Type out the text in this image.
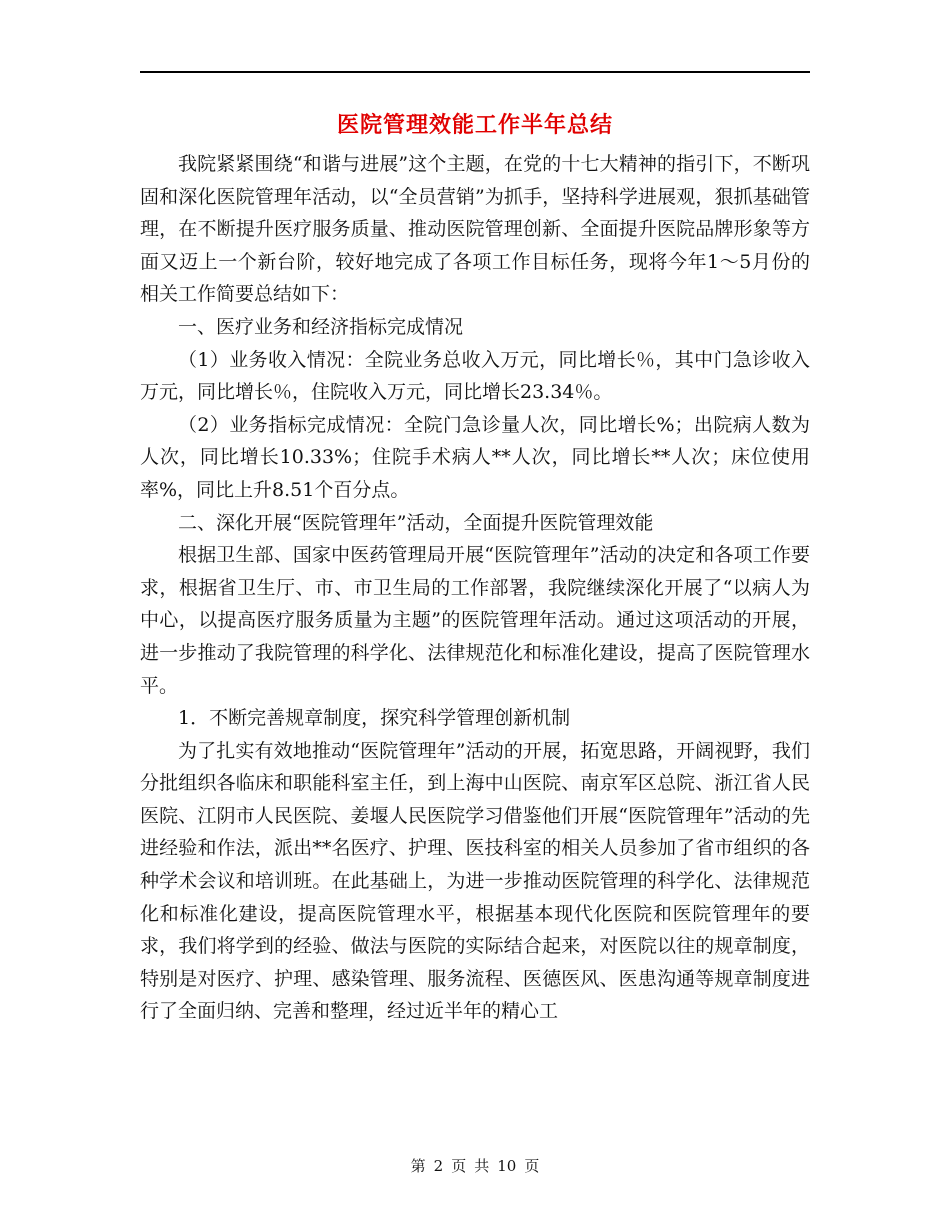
医院管理效能工作半年总结

我院紧紧围绕“和谐与进展”这个主题，在党的十七大精神的指引下，不断巩固和深化医院管理年活动，以“全员营销”为抓手，坚持科学进展观，狠抓基础管理，在不断提升医疗服务质量、推动医院管理创新、全面提升医院品牌形象等方面又迈上一个新台阶，较好地完成了各项工作目标任务，现将今年1～5月份的相关工作简要总结如下：

一、医疗业务和经济指标完成情况

（1）业务收入情况：全院业务总收入万元，同比增长％，其中门急诊收入万元，同比增长％，住院收入万元，同比增长23.34％。

（2）业务指标完成情况：全院门急诊量人次，同比增长%；出院病人数为人次，同比增长10.33%；住院手术病人**人次，同比增长**人次；床位使用率%，同比上升8.51个百分点。

二、深化开展“医院管理年”活动，全面提升医院管理效能

根据卫生部、国家中医药管理局开展“医院管理年”活动的决定和各项工作要求，根据省卫生厅、市、市卫生局的工作部署，我院继续深化开展了“以病人为中心，以提高医疗服务质量为主题”的医院管理年活动。通过这项活动的开展，进一步推动了我院管理的科学化、法律规范化和标准化建设，提高了医院管理水平。

1．不断完善规章制度，探究科学管理创新机制

为了扎实有效地推动“医院管理年”活动的开展，拓宽思路，开阔视野，我们分批组织各临床和职能科室主任，到上海中山医院、南京军区总院、浙江省人民医院、江阴市人民医院、姜堰人民医院学习借鉴他们开展“医院管理年”活动的先进经验和作法，派出**名医疗、护理、医技科室的相关人员参加了省市组织的各种学术会议和培训班。在此基础上，为进一步推动医院管理的科学化、法律规范化和标准化建设，提高医院管理水平，根据基本现代化医院和医院管理年的要求，我们将学到的经验、做法与医院的实际结合起来，对医院以往的规章制度，特别是对医疗、护理、感染管理、服务流程、医德医风、医患沟通等规章制度进行了全面归纳、完善和整理，经过近半年的精心工

第 2 页 共 10 页
